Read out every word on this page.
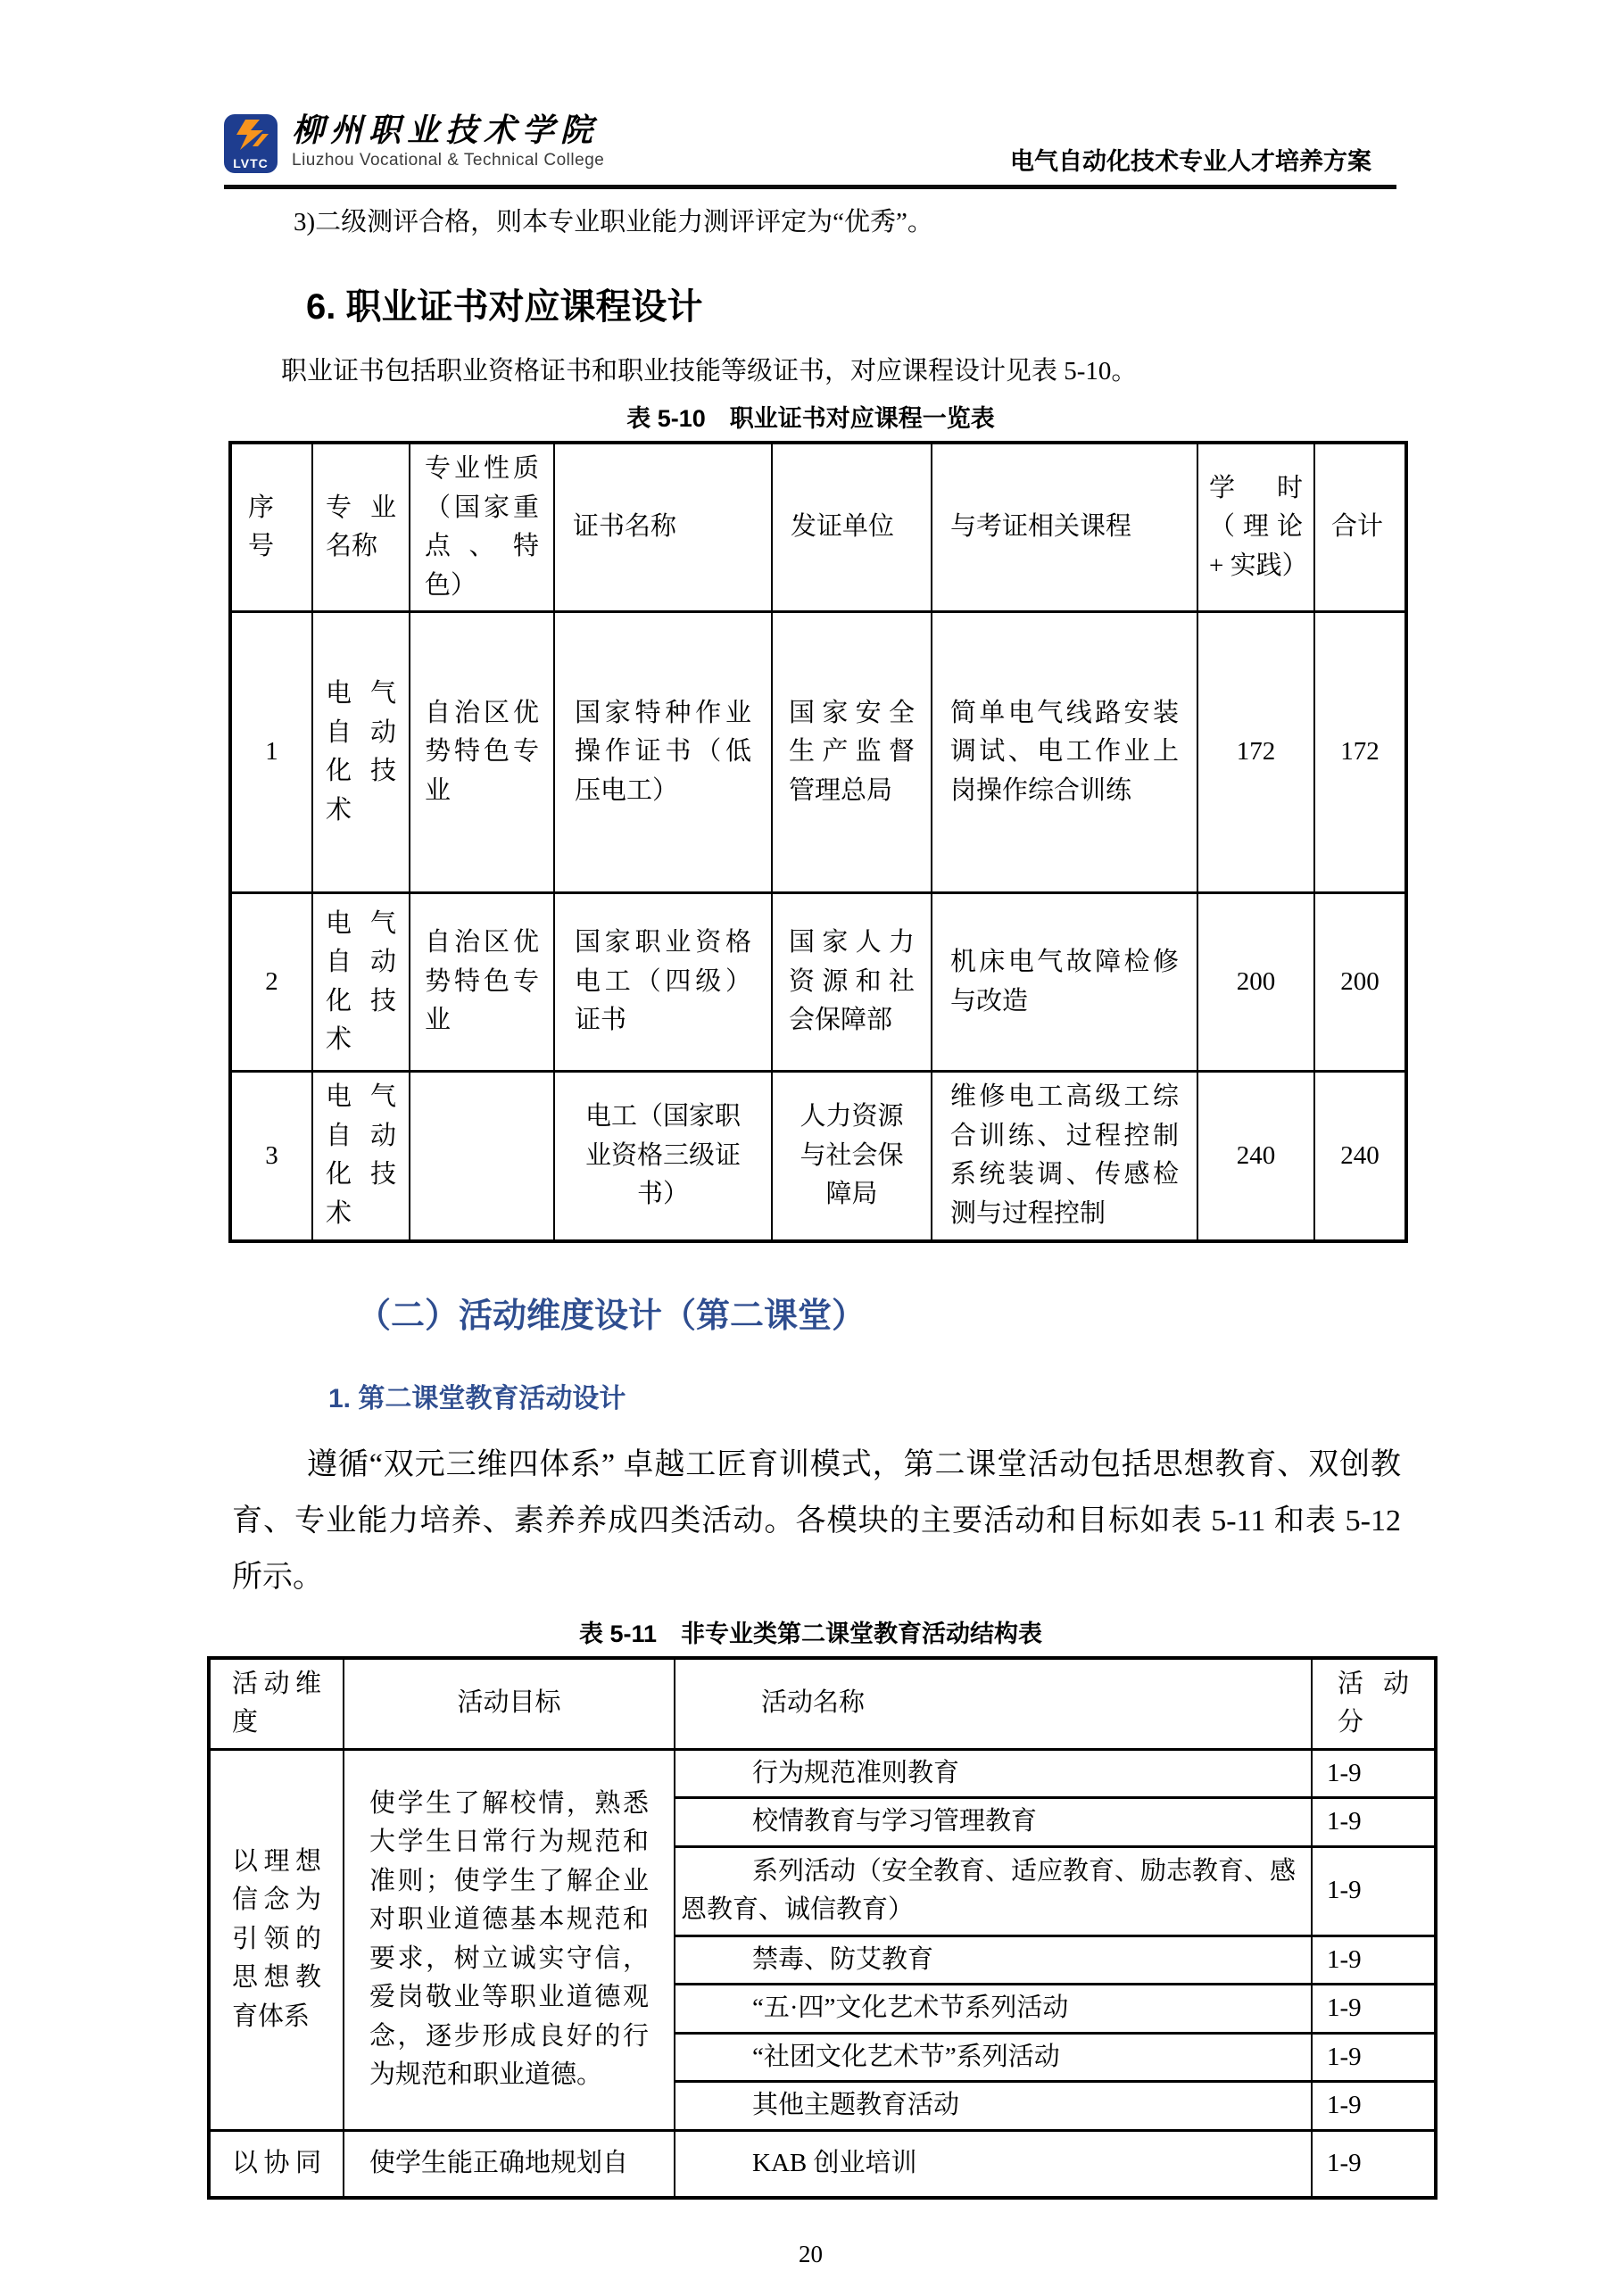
LVTC
柳州职业技术学院
Liuzhou Vocational & Technical College	电气自动化技术专业人才培养方案

3)二级测评合格，则本专业职业能力测评评定为“优秀”。

6. 职业证书对应课程设计

职业证书包括职业资格证书和职业技能等级证书，对应课程设计见表 5-10。

表 5-10　职业证书对应课程一览表
序号	专业名称	专业性质（国家重点、特色）	证书名称	发证单位	与考证相关课程	学时（理论 + 实践）	合计
1	电气自动化技术	自治区优势特色专业	国家特种作业操作证书（低压电工）	国家安全生产监督管理总局	简单电气线路安装调试、电工作业上岗操作综合训练	172	172
2	电气自动化技术	自治区优势特色专业	国家职业资格电工（四级）证书	国家人力资源和社会保障部	机床电气故障检修与改造	200	200
3	电气自动化技术		电工（国家职业资格三级证书）	人力资源与社会保障局	维修电工高级工综合训练、过程控制系统装调、传感检测与过程控制	240	240
（二）活动维度设计（第二课堂）
1. 第二课堂教育活动设计

遵循“双元三维四体系” 卓越工匠育训模式，第二课堂活动包括思想教育、双创教育、专业能力培养、素养养成四类活动。各模块的主要活动和目标如表 5-11 和表 5-12 所示。

表 5-11　非专业类第二课堂教育活动结构表
活动维度	活动目标	活动名称	活动分
以理想信念为引领的思想教育体系	使学生了解校情，熟悉大学生日常行为规范和准则；使学生了解企业对职业道德基本规范和要求，树立诚实守信，爱岗敬业等职业道德观念，逐步形成良好的行为规范和职业道德。	行为规范准则教育	1-9
		校情教育与学习管理教育	1-9
		系列活动（安全教育、适应教育、励志教育、感恩教育、诚信教育）	1-9
		禁毒、防艾教育	1-9
		“五·四”文化艺术节系列活动	1-9
		“社团文化艺术节”系列活动	1-9
		其他主题教育活动	1-9
以协同	使学生能正确地规划自	KAB 创业培训	1-9
20
